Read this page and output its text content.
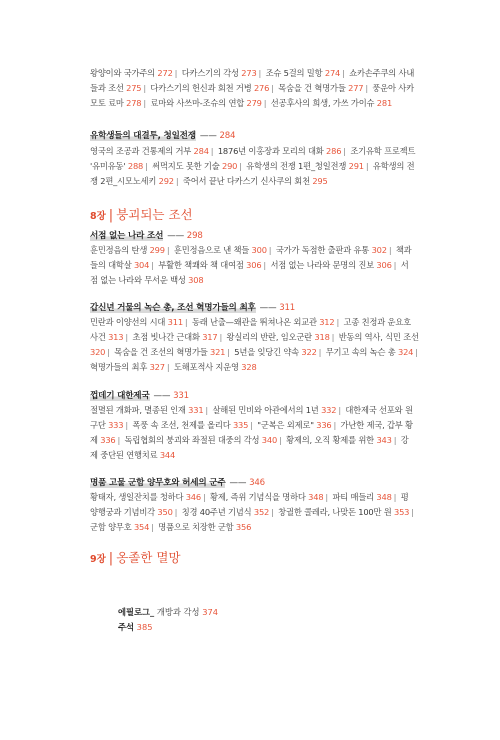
왕양이와 국가주의 272 | 다카스기의 각성 273 | 조슈 5걸의 밀항 274 | 쇼카손주쿠의 사내
들과 조선 275 | 다카스기의 헌신과 회천 거병 276 | 목숨을 건 혁명가들 277 | 풍운아 사카
모토 료마 278 | 료마와 사쓰마-조슈의 연합 279 | 선공후사의 희생, 가쓰 가이슈 281
유학생들의 대결투, 청일전쟁 —— 284
영국의 조공과 건통제의 거부 284 | 1876년 이홍장과 모리의 대화 286 | 조기유학 프로젝트
'유미유동' 288 | 써먹지도 못한 기술 290 | 유학생의 전쟁 1편_청일전쟁 291 | 유학생의 전
쟁 2편_시모노세키 292 | 죽어서 끝난 다카스기 신사쿠의 회천 295
8장 | 붕괴되는 조선
서점 없는 나라 조선 —— 298
훈민정음의 탄생 299 | 훈민정음으로 낸 책들 300 | 국가가 독점한 출판과 유통 302 | 책과
들의 대학살 304 | 부활한 책쾌와 책 대여점 306 | 서점 없는 나라와 문명의 진보 306 | 서
점 없는 나라와 무서운 백성 308
갑신년 거물의 녹슨 총, 조선 혁명가들의 최후 —— 311
민란과 이양선의 시대 311 | 동래 난출—왜관을 뛰쳐나온 외교관 312 | 고종 친정과 운요호
사건 313 | 초점 빗나간 근대화 317 | 왕실리의 반란, 임오군란 318 | 반동의 역사, 식민 조선
320 | 목숨을 건 조선의 혁명가들 321 | 5년을 잊당긴 약속 322 | 무기고 속의 녹슨 총 324 |
혁명가들의 최후 327 | 도해포적사 지운영 328
껍데기 대한제국 —— 331
절멸된 개화파, 멸종된 인재 331 | 살해된 민비와 아관에서의 1년 332 | 대한제국 선포와 원
구단 333 | 폭풍 속 조선, 천제를 올리다 335 | "군복은 외제로" 336 | 가난한 제국, 갑부 황
제 336 | 독립협회의 붕괴와 좌절된 대중의 각성 340 | 황제의, 오직 황제를 위한 343 | 강
제 중단된 연행치료 344
명품 고물 군함 양무호와 허세의 군주 —— 346
황태자, 생일잔치를 청하다 346 | 황제, 즉위 기념식을 명하다 348 | 파티 매들리 348 | 평
양행궁과 기념비각 350 | 칭경 40주년 기념식 352 | 창궐한 콜레라, 나맞돈 100만 원 353 |
군함 양무호 354 | 명품으로 치장한 군함 356
9장 | 옹졸한 멸망
에필로그_ 개방과 각성 374
주석 385
